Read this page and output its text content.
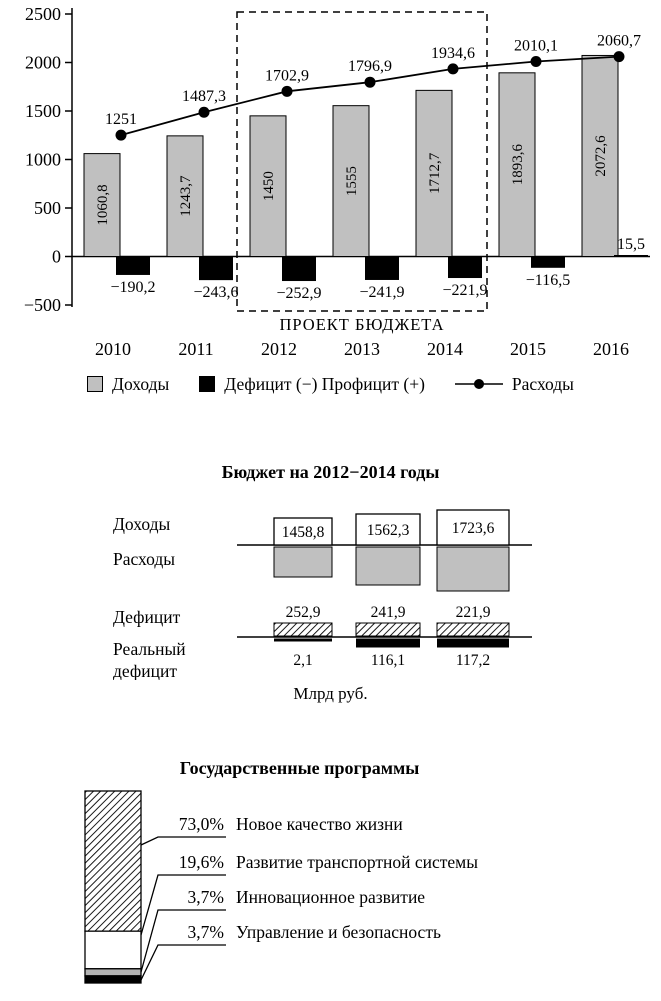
ПРОЕКТ БЮДЖЕТА
2500
2000
1500
1000
500
0
−500
1060,8
−190,2
2010
1243,7
−243,6
2011
1450
−252,9
2012
1555
−241,9
2013
1712,7
−221,9
2014
1893,6
−116,5
2015
2072,6
15,5
2016
1251
1487,3
1702,9
1796,9
1934,6 2010,1 2060,7
Доходы	Дефицит (−) Профицит (+)	Расходы
Бюджет на 2012−2014 годы
Доходы
Расходы
Дефицит
Реальный
дефицит
1458,8	1562,3	1723,6
252,9	241,9	221,9
2,1	116,1	117,2
Млрд руб.
Государственные программы
73,0% Новое качество жизни
19,6% Развитие транспортной системы
3,7% Инновационное развитие
3,7% Управление и безопасность
